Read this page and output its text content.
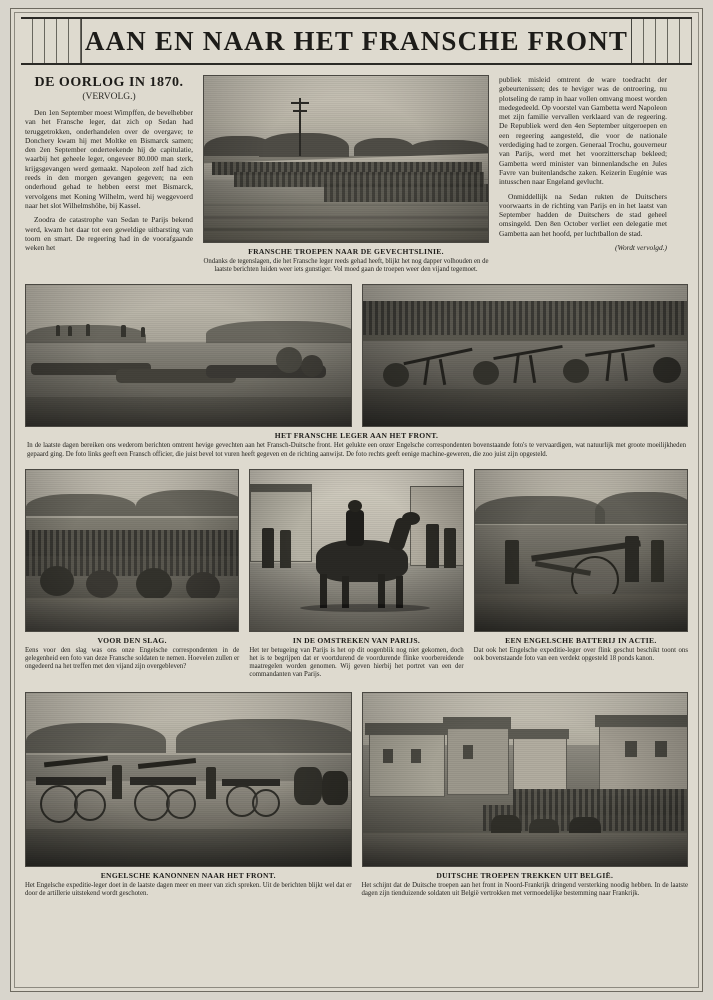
AAN EN NAAR HET FRANSCHE FRONT
DE OORLOG IN 1870.
(VERVOLG.)

Den 1en September moest Wimpffen, de bevelhebber van het Fransche leger, dat zich op Sedan had teruggetrokken, onderhandelen over de overgave; te Donchery kwam hij met Moltke en Bismarck samen; den 2en September onderteekende hij de capitulatie, waarbij het geheele leger, ongeveer 80.000 man sterk, krijgsgevangen werd gemaakt. Napoleon zelf had zich reeds in den morgen gevangen gegeven; na een onderhoud gehad te hebben eerst met Bismarck, vervolgens met Koning Wilhelm, werd hij weggevoerd naar het slot Wilhelmshöhe, bij Kassel.

Zoodra de catastrophe van Sedan te Parijs bekend werd, kwam het daar tot een geweldige uitbarsting van toorn en smart. De regeering had in de voorafgaande weken het	FRANSCHE TROEPEN NAAR DE GEVECHTSLINIE.

Ondanks de tegenslagen, die het Fransche leger reeds gehad heeft, blijkt het nog dapper volhouden en de laatste berichten luiden weer iets gunstiger. Vol moed gaan de troepen weer den vijand tegemoet.

publiek misleid omtrent de ware toedracht der gebeurtenissen; des te heviger was de ontroering, nu plotseling de ramp in haar vollen omvang moest worden medegedeeld. Op voorstel van Gambetta werd Napoleon met zijn familie vervallen verklaard van de regeering. De Republiek werd den 4en September uitgeroepen en een regeering aangesteld, die voor de nationale verdediging had te zorgen. Generaal Trochu, gouverneur van Parijs, werd met het voorzitterschap bekleed; Gambetta werd minister van binnenlandsche en Jules Favre van buitenlandsche zaken. Keizerin Eugénie was intusschen naar Engeland gevlucht.

Onmiddellijk na Sedan rukten de Duitschers voorwaarts in de richting van Parijs en in het laatst van September hadden de Duitschers de stad geheel omsingeld. Den 8en October verliet een delegatie met Gambetta aan het hoofd, per luchtballon de stad.

(Wordt vervolgd.)
HET FRANSCHE LEGER AAN HET FRONT.

In de laatste dagen bereiken ons wederom berichten omtrent hevige gevechten aan het Fransch-Duitsche front. Het gelukte een onzer Engelsche correspondenten bovenstaande foto's te vervaardigen, wat natuurlijk met groote moeilijkheden gepaard ging. De foto links geeft een Fransch officier, die juist bevel tot vuren heeft gegeven en de richting aanwijst. De foto rechts geeft eenige machine-geweren, die zoo juist zijn opgesteld.

VOOR DEN SLAG.

Eens voor den slag was ons onze Engelsche correspondenten in de gelegenheid een foto van deze Fransche soldaten te nemen. Hoevelen zullen er ongedeerd na het treffen met den vijand zijn overgebleven?

IN DE OMSTREKEN VAN PARIJS.

Het ter betugeing van Parijs is het op dit oogenblik nog niet gekomen, doch het is te begrijpen dat er voortdurend de voordurende flinke voorbereidende maatregelen worden genomen. Wij geven hierbij het portret van een der commandanten van Parijs.

EEN ENGELSCHE BATTERIJ IN ACTIE.

Dat ook het Engelsche expeditie-leger over flink geschut beschikt toont ons ook bovenstaande foto van een verdekt opgesteld 18 ponds kanon.

ENGELSCHE KANONNEN NAAR HET FRONT.

Het Engelsche expeditie-leger doet in de laatste dagen meer en meer van zich spreken. Uit de berichten blijkt wel dat er door de artillerie uitstekend wordt geschoten.

DUITSCHE TROEPEN TREKKEN UIT BELGIË.

Het schijnt dat de Duitsche troepen aan het front in Noord-Frankrijk dringend versterking noodig hebben. In de laatste dagen zijn tienduizende soldaten uit België vertrokken met vermoedelijke bestemming naar Frankrijk.
